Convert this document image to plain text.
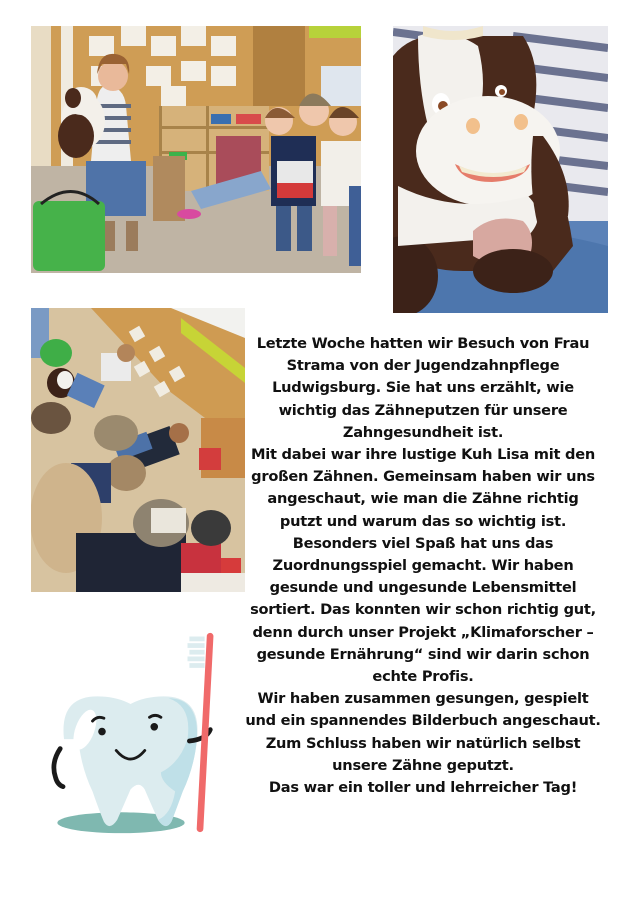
Letzte Woche hatten wir Besuch von Frau Strama von der Jugendzahnpflege Ludwigsburg. Sie hat uns erzählt, wie wichtig das Zähneputzen für unsere Zahngesundheit ist.

Mit dabei war ihre lustige Kuh Lisa mit den großen Zähnen. Gemeinsam haben wir uns angeschaut, wie man die Zähne richtig putzt und warum das so wichtig ist.

Besonders viel Spaß hat uns das Zuordnungsspiel gemacht. Wir haben gesunde und ungesunde Lebensmittel sortiert. Das konnten wir schon richtig gut, denn durch unser Projekt „Klimaforscher – gesunde Ernährung“ sind wir darin schon echte Profis.

Wir haben zusammen gesungen, gespielt und ein spannendes Bilderbuch angeschaut. Zum Schluss haben wir natürlich selbst unsere Zähne geputzt.

Das war ein toller und lehrreicher Tag!
